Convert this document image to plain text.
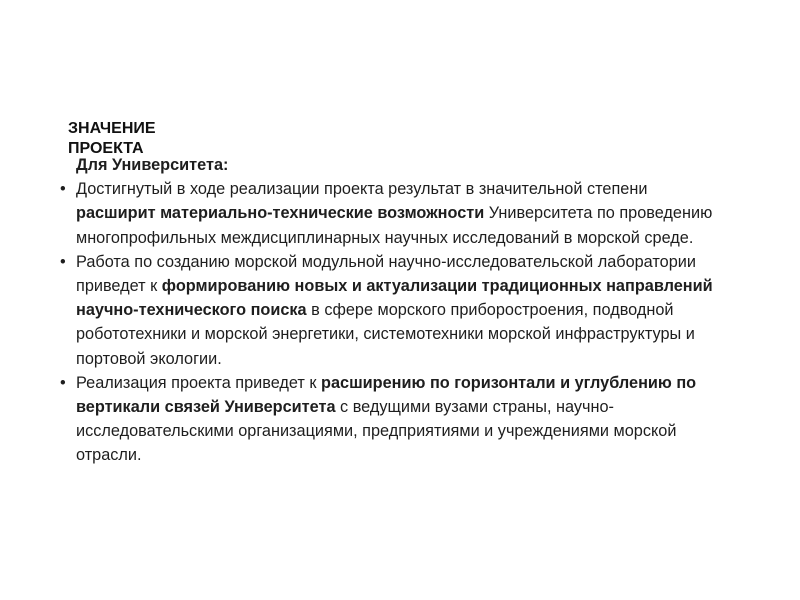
ЗНАЧЕНИЕ
ПРОЕКТА
Для Университета:
• Достигнутый в ходе реализации проекта результат в значительной степени расширит материально-технические возможности Университета по проведению многопрофильных междисциплинарных научных исследований в морской среде.
• Работа по созданию морской модульной научно-исследовательской лаборатории приведет к формированию новых и актуализации традиционных направлений научно-технического поиска в сфере морского приборостроения, подводной робототехники и морской энергетики, системотехники морской инфраструктуры и портовой экологии.
• Реализация проекта приведет к расширению по горизонтали и углублению по вертикали связей Университета с ведущими вузами страны, научно-исследовательскими организациями, предприятиями и учреждениями морской отрасли.
